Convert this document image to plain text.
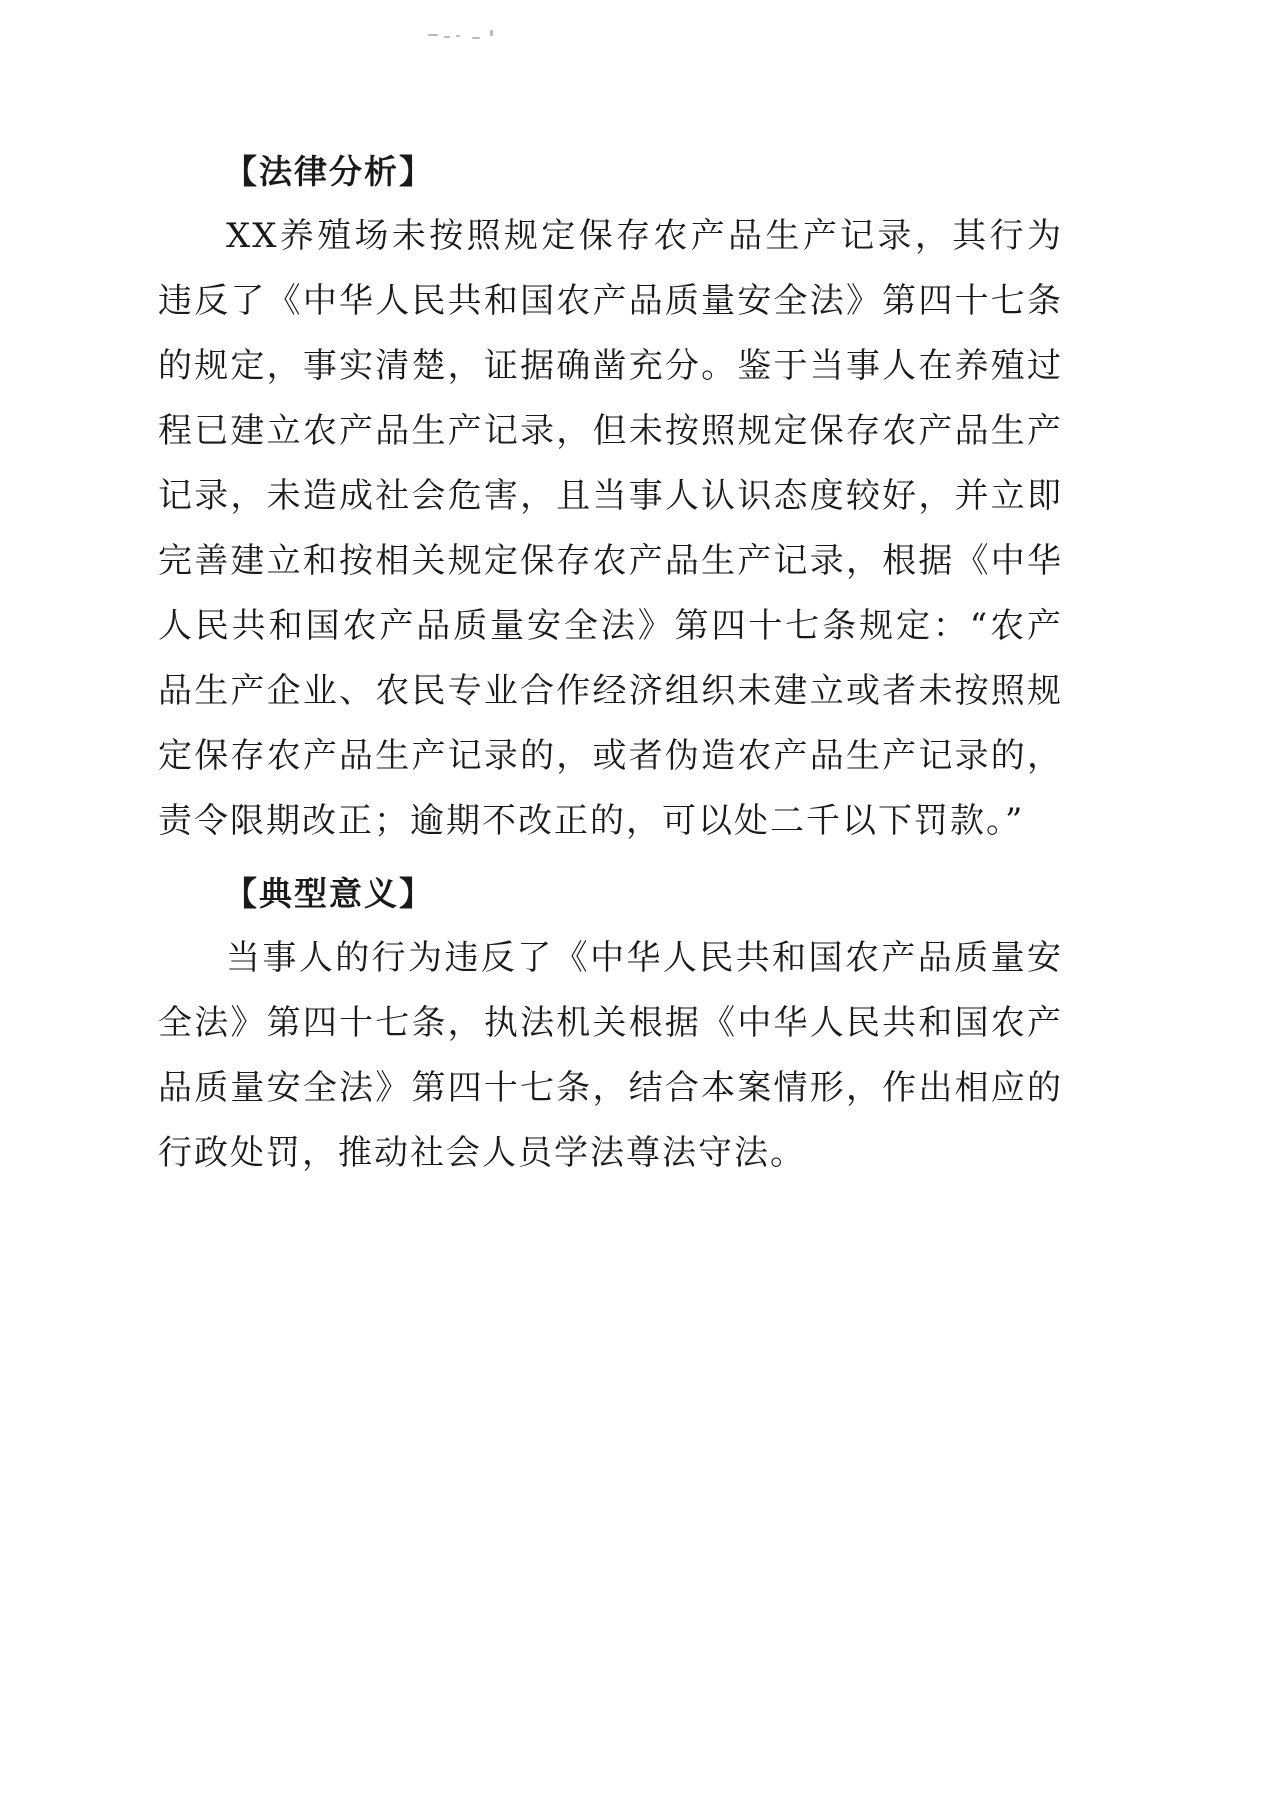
【法律分析】

XX养殖场未按照规定保存农产品生产记录，其行为违反了《中华人民共和国农产品质量安全法》第四十七条的规定，事实清楚，证据确凿充分。鉴于当事人在养殖过程已建立农产品生产记录，但未按照规定保存农产品生产记录，未造成社会危害，且当事人认识态度较好，并立即完善建立和按相关规定保存农产品生产记录，根据《中华人民共和国农产品质量安全法》第四十七条规定：“农产品生产企业、农民专业合作经济组织未建立或者未按照规定保存农产品生产记录的，或者伪造农产品生产记录的，责令限期改正；逾期不改正的，可以处二千以下罚款。”

【典型意义】

当事人的行为违反了《中华人民共和国农产品质量安全法》第四十七条，执法机关根据《中华人民共和国农产品质量安全法》第四十七条，结合本案情形，作出相应的行政处罚，推动社会人员学法尊法守法。
